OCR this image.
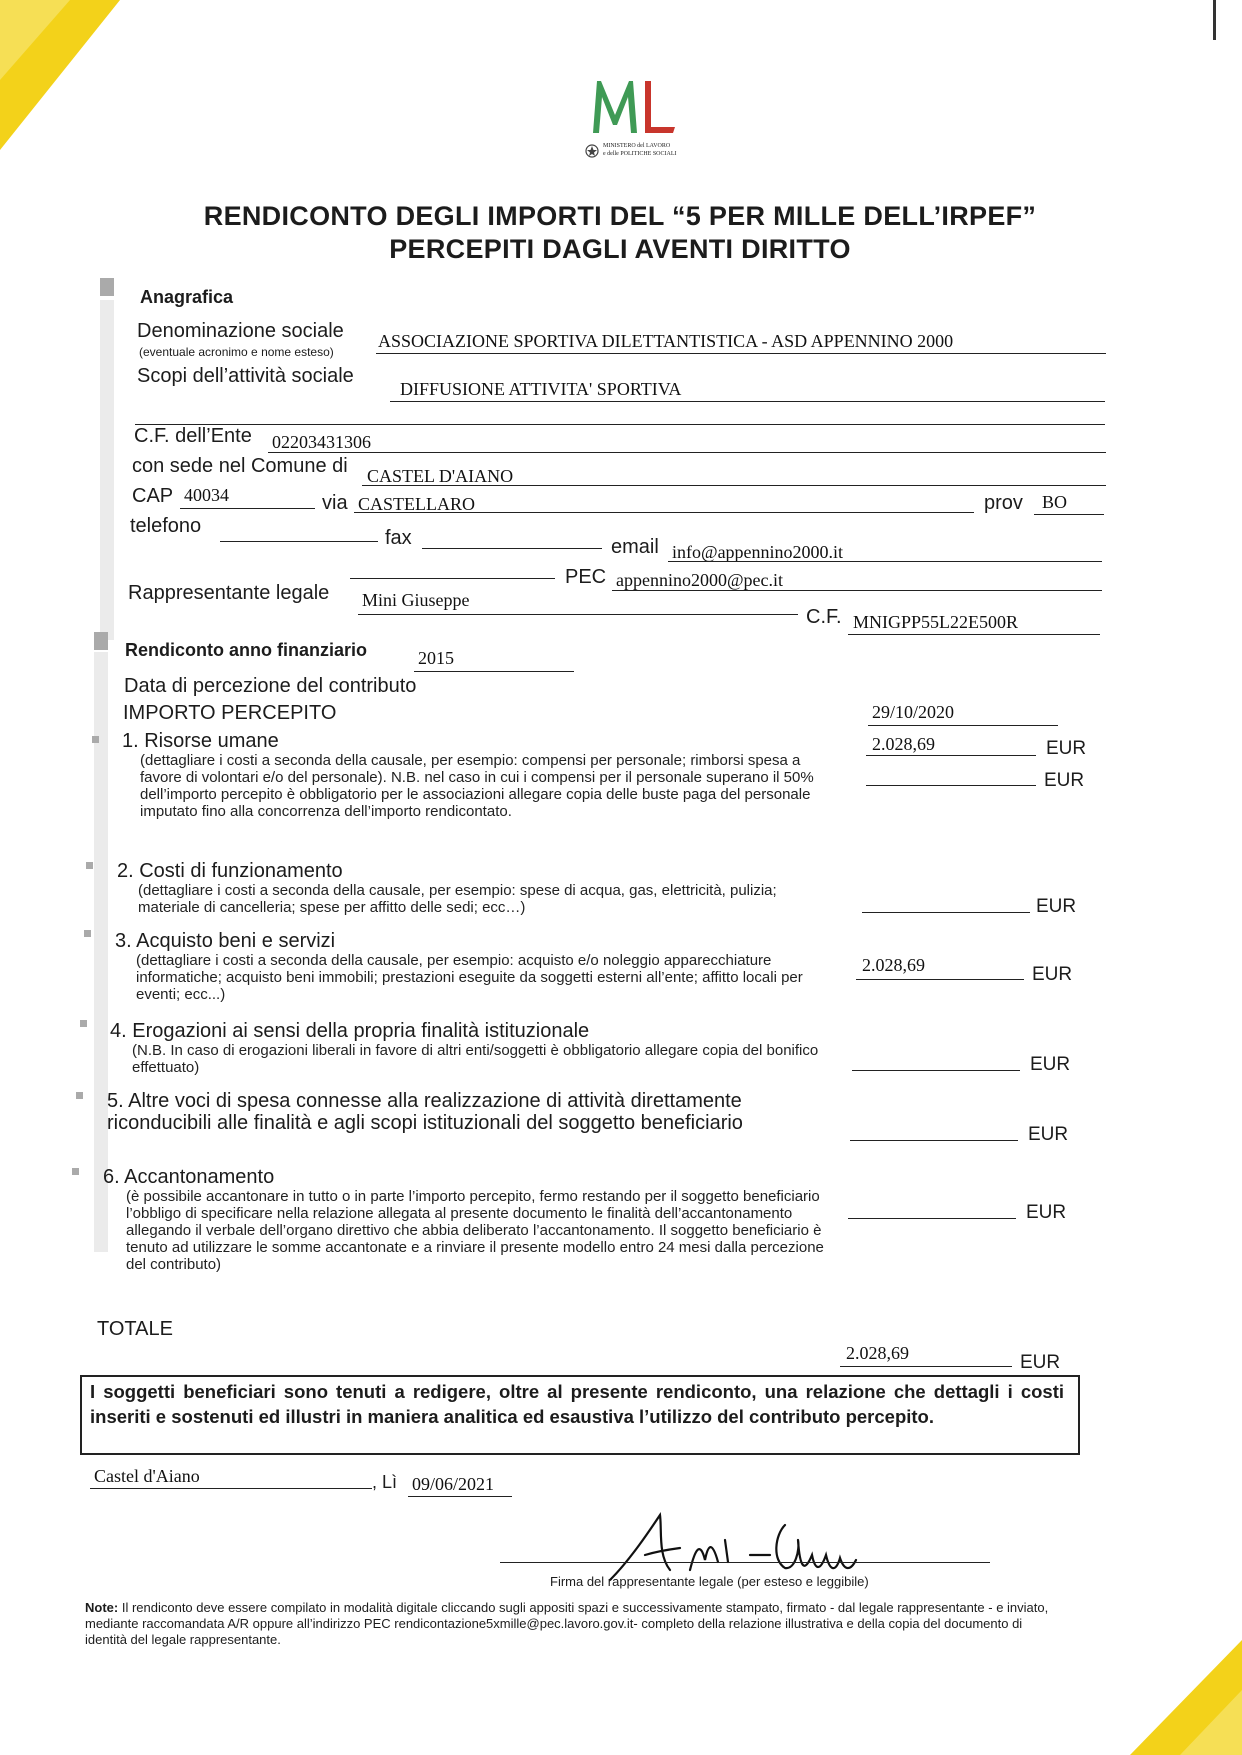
MINISTERO del LAVORO
e delle POLITICHE SOCIALI
RENDICONTO DEGLI IMPORTI DEL “5 PER MILLE DELL’IRPEF”
PERCEPITI DAGLI AVENTI DIRITTO
Anagrafica
Denominazione sociale
(eventuale acronimo e nome esteso)
ASSOCIAZIONE SPORTIVA DILETTANTISTICA - ASD APPENNINO 2000
Scopi dell’attività sociale
DIFFUSIONE ATTIVITA' SPORTIVA
C.F. dell’Ente 02203431306
con sede nel Comune di CASTEL D'AIANO
CAP 40034	via CASTELLARO	prov BO
telefono
fax	email info@appennino2000.it
PEC appennino2000@pec.it
Rappresentante legale Mini Giuseppe
C.F. MNIGPP55L22E500R
Rendiconto anno finanziario	2015
Data di percezione del contributo
IMPORTO PERCEPITO	29/10/2020
1. Risorse umane
(dettagliare i costi a seconda della causale, per esempio: compensi per personale; rimborsi spesa a favore di volontari e/o del personale). N.B. nel caso in cui i compensi per il personale superano il 50% dell’importo percepito è obbligatorio per le associazioni allegare copia delle buste paga del personale imputato fino alla concorrenza dell’importo rendicontato.
2.028,69	EUR
EUR
2. Costi di funzionamento
(dettagliare i costi a seconda della causale, per esempio: spese di acqua, gas, elettricità, pulizia; materiale di cancelleria; spese per affitto delle sedi; ecc…)	EUR
3. Acquisto beni e servizi
(dettagliare i costi a seconda della causale, per esempio: acquisto e/o noleggio apparecchiature informatiche; acquisto beni immobili; prestazioni eseguite da soggetti esterni all’ente; affitto locali per eventi; ecc...)
2.028,69	EUR
4. Erogazioni ai sensi della propria finalità istituzionale
(N.B. In caso di erogazioni liberali in favore di altri enti/soggetti è obbligatorio allegare copia del bonifico effettuato)	EUR
5. Altre voci di spesa connesse alla realizzazione di attività direttamente riconducibili alle finalità e agli scopi istituzionali del soggetto beneficiario
EUR
6. Accantonamento
(è possibile accantonare in tutto o in parte l’importo percepito, fermo restando per il soggetto beneficiario l’obbligo di specificare nella relazione allegata al presente documento le finalità dell’accantonamento allegando il verbale dell’organo direttivo che abbia deliberato l’accantonamento. Il soggetto beneficiario è tenuto ad utilizzare le somme accantonate e a rinviare il presente modello entro 24 mesi dalla percezione del contributo)
EUR
TOTALE
2.028,69	EUR
I soggetti beneficiari sono tenuti a redigere, oltre al presente rendiconto, una relazione che dettagli i costi inseriti e sostenuti ed illustri in maniera analitica ed esaustiva l’utilizzo del contributo percepito.
Castel d'Aiano	, Lì 09/06/2021
Firma del rappresentante legale (per esteso e leggibile)
Note: Il rendiconto deve essere compilato in modalità digitale cliccando sugli appositi spazi e successivamente stampato, firmato - dal legale rappresentante - e inviato, mediante raccomandata A/R oppure all’indirizzo PEC rendicontazione5xmille@pec.lavoro.gov.it- completo della relazione illustrativa e della copia del documento di identità del legale rappresentante.
